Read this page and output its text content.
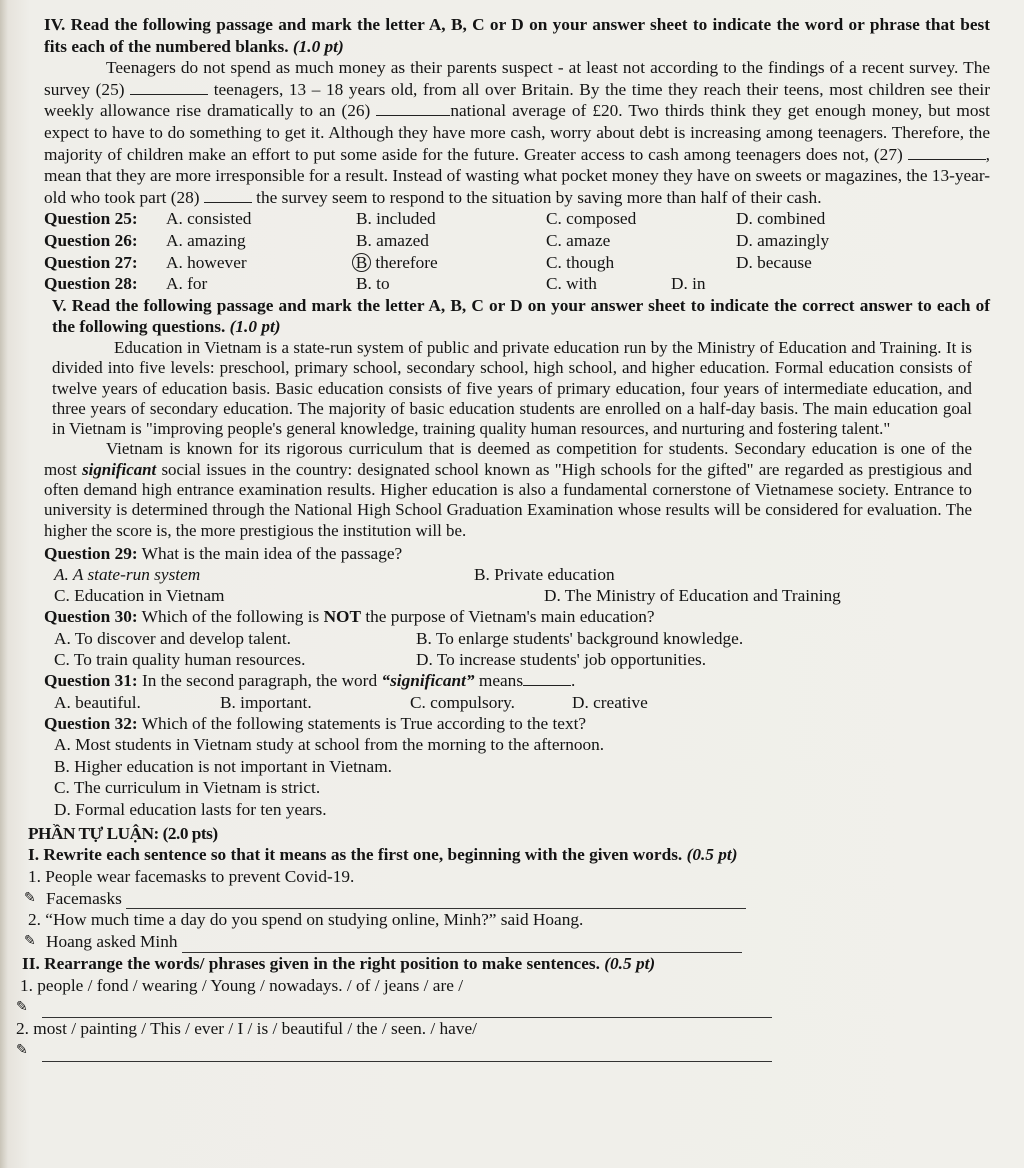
IV. Read the following passage and mark the letter A, B, C or D on your answer sheet to indicate the word or phrase that best fits each of the numbered blanks. (1.0 pt)

Teenagers do not spend as much money as their parents suspect - at least not according to the findings of a recent survey. The survey (25)	teenagers, 13 – 18 years old, from all over Britain. By the time they reach their teens, most children see their weekly allowance rise dramatically to an (26)	national average of £20. Two thirds think they get enough money, but most expect to have to do something to get it. Although they have more cash, worry about debt is increasing among teenagers. Therefore, the majority of children make an effort to put some aside for the future. Greater access to cash among teenagers does not, (27)	, mean that they are more irresponsible for a result. Instead of wasting what pocket money they have on sweets or magazines, the 13-year-old who took part (28)	the survey seem to respond to the situation by saving more than half of their cash.

Question 25:	A. consisted	B. included	C. composed	D. combined
Question 26:	A. amazing	B. amazed	C. amaze	D. amazingly
Question 27:	A. however	B therefore	C. though	D. because
Question 28:	A. for	B. to	C. with	D. in

V. Read the following passage and mark the letter A, B, C or D on your answer sheet to indicate the correct answer to each of the following questions. (1.0 pt)

Education in Vietnam is a state-run system of public and private education run by the Ministry of Education and Training. It is divided into five levels: preschool, primary school, secondary school, high school, and higher education. Formal education consists of twelve years of education basis. Basic education consists of five years of primary education, four years of intermediate education, and three years of secondary education. The majority of basic education students are enrolled on a half-day basis. The main education goal in Vietnam is "improving people's general knowledge, training quality human resources, and nurturing and fostering talent."

Vietnam is known for its rigorous curriculum that is deemed as competition for students. Secondary education is one of the most significant social issues in the country: designated school known as "High schools for the gifted" are regarded as prestigious and often demand high entrance examination results. Higher education is also a fundamental cornerstone of Vietnamese society. Entrance to university is determined through the National High School Graduation Examination whose results will be considered for evaluation. The higher the score is, the more prestigious the institution will be.

Question 29: What is the main idea of the passage?

A. A state-run system	B. Private education
C. Education in Vietnam	D. The Ministry of Education and Training

Question 30: Which of the following is NOT the purpose of Vietnam's main education?

A. To discover and develop talent.	B. To enlarge students' background knowledge.
C. To train quality human resources.	D. To increase students' job opportunities.

Question 31: In the second paragraph, the word “significant” means	.

A. beautiful.	B. important.	C. compulsory.	D. creative

Question 32: Which of the following statements is True according to the text?

A. Most students in Vietnam study at school from the morning to the afternoon.

B. Higher education is not important in Vietnam.

C. The curriculum in Vietnam is strict.

D. Formal education lasts for ten years.

PHẦN TỰ LUẬN: (2.0 pts)

I. Rewrite each sentence so that it means as the first one, beginning with the given words. (0.5 pt)

1. People wear facemasks to prevent Covid-19.

✎ Facemasks

2. “How much time a day do you spend on studying online, Minh?” said Hoang.

✎ Hoang asked Minh

II. Rearrange the words/ phrases given in the right position to make sentences. (0.5 pt)

1. people / fond / wearing / Young / nowadays. / of / jeans / are /

✎

2. most / painting / This / ever / I / is / beautiful / the / seen. / have/

✎
